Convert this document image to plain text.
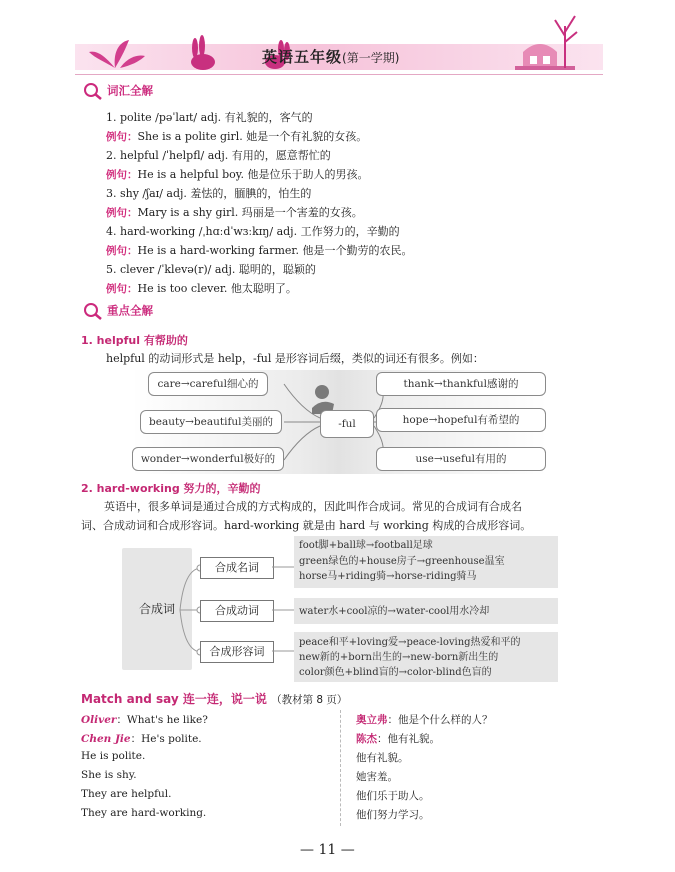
英语五年级(第一学期)
词汇全解
1. polite /pəˈlaɪt/ adj. 有礼貌的，客气的
例句：She is a polite girl. 她是一个有礼貌的女孩。
2. helpful /ˈhelpfl/ adj. 有用的，愿意帮忙的
例句：He is a helpful boy. 他是位乐于助人的男孩。
3. shy /ʃaɪ/ adj. 羞怯的，腼腆的，怕生的
例句：Mary is a shy girl. 玛丽是一个害羞的女孩。
4. hard-working /ˌhɑːdˈwɜːkɪŋ/ adj. 工作努力的，辛勤的
例句：He is a hard-working farmer. 他是一个勤劳的农民。
5. clever /ˈklevə(r)/ adj. 聪明的，聪颖的
例句：He is too clever. 他太聪明了。
重点全解
1. helpful 有帮助的
helpful 的动词形式是 help，-ful 是形容词后缀，类似的词还有很多。例如：
care→careful细心的
beauty→beautiful美丽的
wonder→wonderful极好的
-ful
thank→thankful感谢的
hope→hopeful有希望的
use→useful有用的
2. hard-working 努力的，辛勤的
英语中，很多单词是通过合成的方式构成的，因此叫作合成词。常见的合成词有合成名
词、合成动词和合成形容词。hard-working 就是由 hard 与 working 构成的合成形容词。
合成词
合成名词
合成动词
合成形容词
foot脚+ball球→football足球
green绿色的+house房子→greenhouse温室
horse马+riding骑→horse-riding骑马
water水+cool凉的→water-cool用水冷却
peace和平+loving爱→peace-loving热爱和平的
new新的+born出生的→new-born新出生的
color颜色+blind盲的→color-blind色盲的
Match and say 连一连，说一说 （教材第 8 页）
Oliver：What's he like?
Chen Jie：He's polite.
He is polite.
She is shy.
They are helpful.
They are hard-working.
奥立弗：他是个什么样的人？
陈杰：他有礼貌。
他有礼貌。
她害羞。
他们乐于助人。
他们努力学习。
— 11 —
